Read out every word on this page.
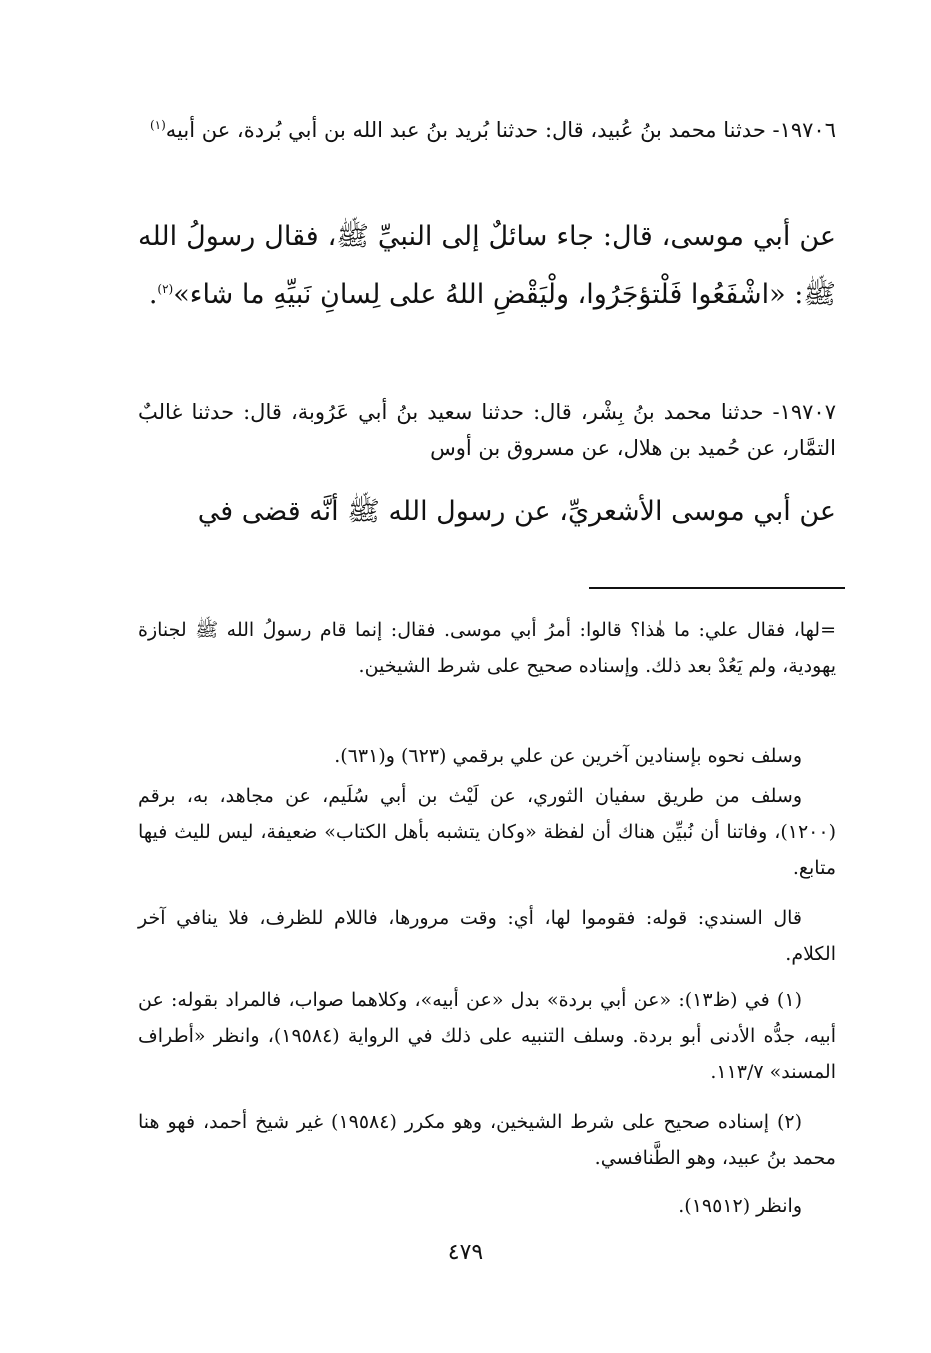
١٩٧٠٦- حدثنا محمد بنُ عُبيد، قال: حدثنا بُريد بنُ عبد الله بن أبي بُردة، عن أبيه$^{(١)}$

عن أبي موسى، قال: جاء سائلٌ إلى النبيِّ ﷺ، فقال رسولُ الله ﷺ: «اشْفَعُوا فَلْتؤجَرُوا، ولْيَقْضِ اللهُ على لِسانِ نَبيِّهِ ما شاء»$^{(٢)}$.

١٩٧٠٧- حدثنا محمد بنُ بِشْر، قال: حدثنا سعيد بنُ أبي عَرُوبة، قال: حدثنا غالبٌ التمَّار، عن حُميد بن هلال، عن مسروق بن أوس

عن أبي موسى الأشعريِّ، عن رسول الله ﷺ أنَّه قضى في

=لها، فقال علي: ما هٰذا؟ قالوا: أمرُ أبي موسى. فقال: إنما قام رسولُ الله ﷺ لجنازة يهودية، ولم يَعُدْ بعد ذلك. وإسناده صحيح على شرط الشيخين.

وسلف نحوه بإسنادين آخرين عن علي برقمي (٦٢٣) و(٦٣١).

وسلف من طريق سفيان الثوري، عن لَيْث بن أبي سُلَيم، عن مجاهد، به، برقم (١٢٠٠)، وفاتنا أن نُبيِّن هناك أن لفظة «وكان يتشبه بأهل الكتاب» ضعيفة، ليس لليث فيها متابع.

قال السندي: قوله: فقوموا لها، أي: وقت مرورها، فاللام للظرف، فلا ينافي آخر الكلام.

(١) في (ظ١٣): «عن أبي بردة» بدل «عن أبيه»، وكلاهما صواب، فالمراد بقوله: عن أبيه، جدُّه الأدنى أبو بردة. وسلف التنبيه على ذلك في الرواية (١٩٥٨٤)، وانظر «أطراف المسند» ١١٣/٧.

(٢) إسناده صحيح على شرط الشيخين، وهو مكرر (١٩٥٨٤) غير شيخ أحمد، فهو هنا محمد بنُ عبيد، وهو الطَّنافسي.

وانظر (١٩٥١٢).

٤٧٩
